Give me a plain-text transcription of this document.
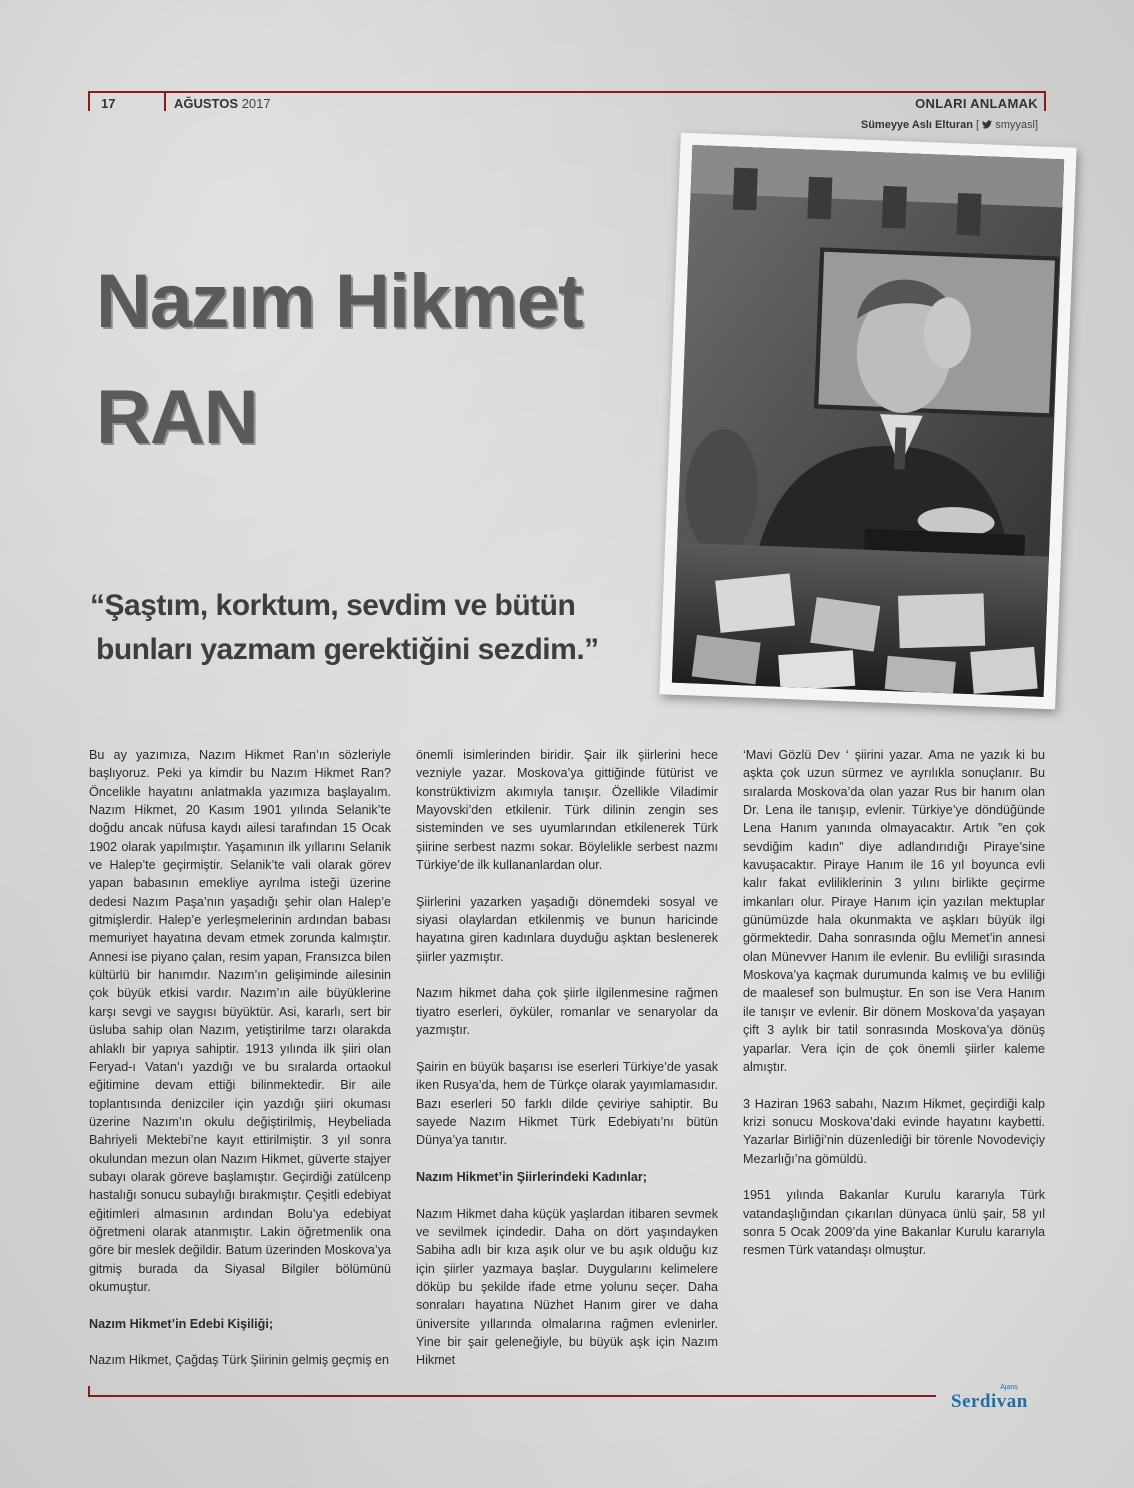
17	AĞUSTOS 2017	ONLARI ANLAMAK
Sümeyye Aslı Elturan [  smyyasl]
Nazım Hikmet
RAN
“Şaştım, korktum, sevdim ve bütün
bunları yazmam gerektiğini sezdim.”

Bu ay yazımıza, Nazım Hikmet Ran’ın sözleriyle başlıyoruz. Peki ya kimdir bu Nazım Hikmet Ran? Öncelikle hayatını anlatmakla yazımıza başlayalım. Nazım Hikmet, 20 Kasım 1901 yılında Selanik’te doğdu ancak nüfusa kaydı ailesi tarafından 15 Ocak 1902 olarak yapılmıştır. Yaşamının ilk yıllarını Selanik ve Halep’te geçirmiştir. Selanik’te vali olarak görev yapan babasının emekliye ayrılma isteği üzerine dedesi Nazım Paşa’nın yaşadığı şehir olan Halep’e gitmişlerdir. Halep’e yerleşmelerinin ardından babası memuriyet hayatına devam etmek zorunda kalmıştır. Annesi ise piyano çalan, resim yapan, Fransızca bilen kültürlü bir hanımdır. Nazım’ın gelişiminde ailesinin çok büyük etkisi vardır. Nazım’ın aile büyüklerine karşı sevgi ve saygısı büyüktür. Asi, kararlı, sert bir üsluba sahip olan Nazım, yetiştirilme tarzı olarakda ahlaklı bir yapıya sahiptir. 1913 yılında ilk şiiri olan Feryad-ı Vatan’ı yazdığı ve bu sıralarda ortaokul eğitimine devam ettiği bilinmektedir. Bir aile toplantısında denizciler için yazdığı şiiri okuması üzerine Nazım’ın okulu değiştirilmiş, Heybeliada Bahriyeli Mektebi’ne kayıt ettirilmiştir. 3 yıl sonra okulundan mezun olan Nazım Hikmet, güverte stajyer subayı olarak göreve başlamıştır. Geçirdiği zatülcenp hastalığı sonucu subaylığı bırakmıştır. Çeşitli edebiyat eğitimleri almasının ardından Bolu’ya edebiyat öğretmeni olarak atanmıştır. Lakin öğretmenlik ona göre bir meslek değildir. Batum üzerinden Moskova’ya gitmiş burada da Siyasal Bilgiler bölümünü okumuştur.

Nazım Hikmet’in Edebi Kişiliği;

Nazım Hikmet, Çağdaş Türk Şiirinin gelmiş geçmiş en

önemli isimlerinden biridir. Şair ilk şiirlerini hece vezniyle yazar. Moskova’ya gittiğinde fütürist ve konstrüktivizm akımıyla tanışır. Özellikle Viladimir Mayovski’den etkilenir. Türk dilinin zengin ses sisteminden ve ses uyumlarından etkilenerek Türk şiirine serbest nazmı sokar. Böylelikle serbest nazmı Türkiye’de ilk kullananlardan olur.

Şiirlerini yazarken yaşadığı dönemdeki sosyal ve siyasi olaylardan etkilenmiş ve bunun haricinde hayatına giren kadınlara duyduğu aşktan beslenerek şiirler yazmıştır.

Nazım hikmet daha çok şiirle ilgilenmesine rağmen tiyatro eserleri, öyküler, romanlar ve senaryolar da yazmıştır.

Şairin en büyük başarısı ise eserleri Türkiye’de yasak iken Rusya’da, hem de Türkçe olarak yayımlamasıdır. Bazı eserleri 50 farklı dilde çeviriye sahiptir. Bu sayede Nazım Hikmet Türk Edebiyatı’nı bütün Dünya’ya tanıtır.

Nazım Hikmet’in Şiirlerindeki Kadınlar;

Nazım Hikmet daha küçük yaşlardan itibaren sevmek ve sevilmek içindedir. Daha on dört yaşındayken Sabiha adlı bir kıza aşık olur ve bu aşık olduğu kız için şiirler yazmaya başlar. Duygularını kelimelere döküp bu şekilde ifade etme yolunu seçer. Daha sonraları hayatına Nüzhet Hanım girer ve daha üniversite yıllarında olmalarına rağmen evlenirler. Yine bir şair geleneğiyle, bu büyük aşk için Nazım Hikmet

‘Mavi Gözlü Dev ‘ şiirini yazar. Ama ne yazık ki bu aşkta çok uzun sürmez ve ayrılıkla sonuçlanır. Bu sıralarda Moskova’da olan yazar Rus bir hanım olan Dr. Lena ile tanışıp, evlenir. Türkiye’ye döndüğünde Lena Hanım yanında olmayacaktır. Artık ”en çok sevdiğim kadın” diye adlandırıdığı Piraye’sine kavuşacaktır. Piraye Hanım ile 16 yıl boyunca evli kalır fakat evliliklerinin 3 yılını birlikte geçirme imkanları olur. Piraye Hanım için yazılan mektuplar günümüzde hala okunmakta ve aşkları büyük ilgi görmektedir. Daha sonrasında oğlu Memet’in annesi olan Münevver Hanım ile evlenir. Bu evliliği sırasında Moskova’ya kaçmak durumunda kalmış ve bu evliliği de maalesef son bulmuştur. En son ise Vera Hanım ile tanışır ve evlenir. Bir dönem Moskova’da yaşayan çift 3 aylık bir tatil sonrasında Moskova’ya dönüş yaparlar. Vera için de çok önemli şiirler kaleme almıştır.

3 Haziran 1963 sabahı, Nazım Hikmet, geçirdiği kalp krizi sonucu Moskova’daki evinde hayatını kaybetti. Yazarlar Birliği’nin düzenlediği bir törenle Novodeviçiy Mezarlığı’na gömüldü.

1951 yılında Bakanlar Kurulu kararıyla Türk vatandaşlığından çıkarılan dünyaca ünlü şair, 58 yıl sonra 5 Ocak 2009’da yine Bakanlar Kurulu kararıyla resmen Türk vatandaşı olmuştur.

Ajans
Serdivan
